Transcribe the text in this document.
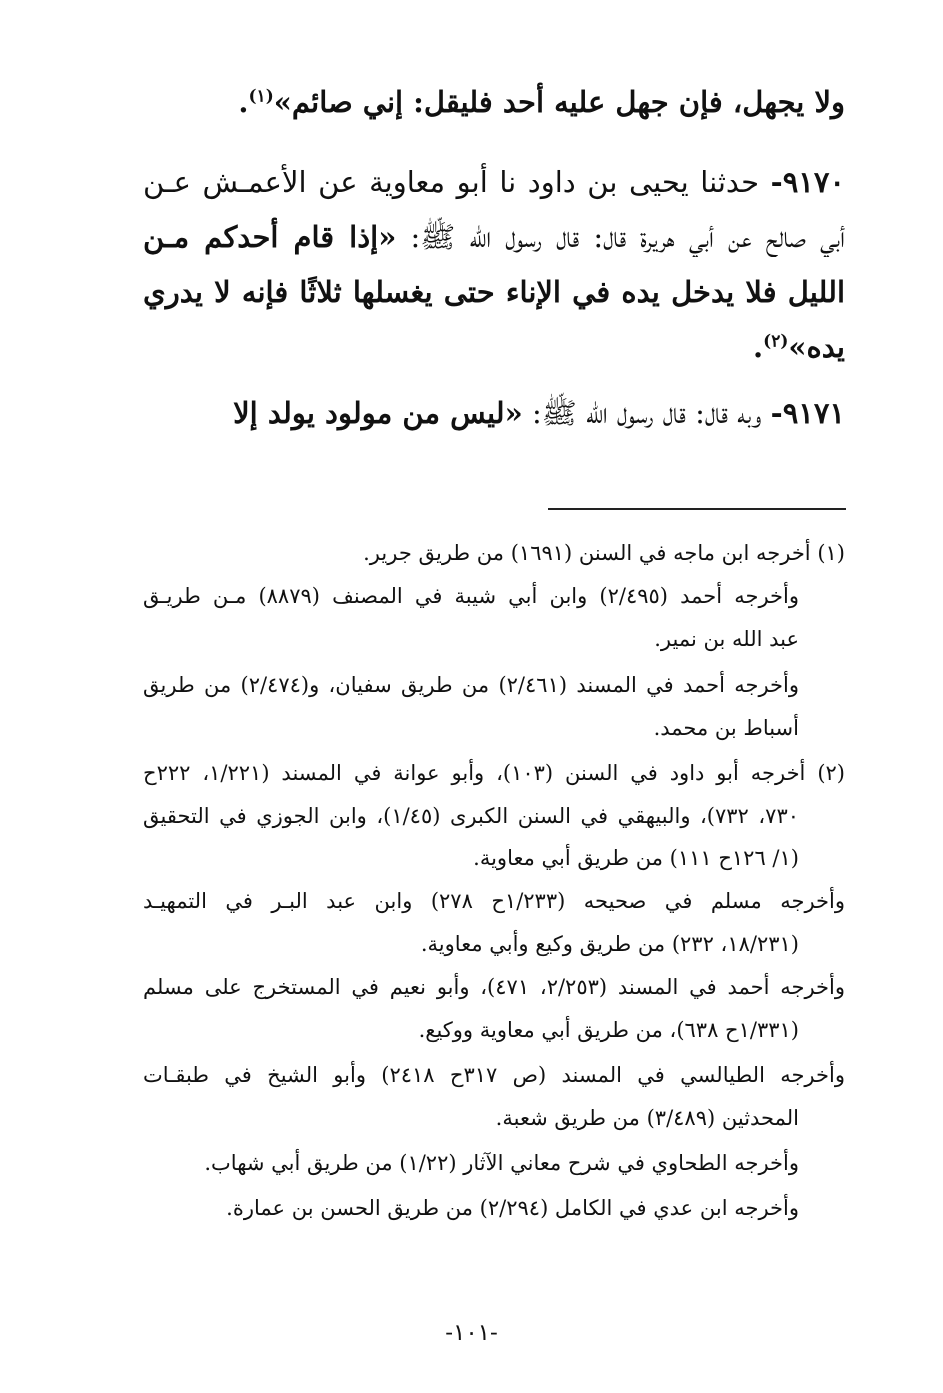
ولا يجهل، فإن جهل عليه أحد فليقل: إني صائم»$^{(١)}$.
٩١٧٠- حدثنا يحيى بن داود نا أبو معاوية عن الأعمـش عـن
أبي صالح عن أبي هريرة قال: قال رسول الله ﷺ: «إذا قام أحدكم مـن
الليل فلا يدخل يده في الإناء حتى يغسلها ثلاثًا فإنه لا يدري
يده»$^{(٢)}$.
٩١٧١- وبه قال: قال رسول الله ﷺ: «ليس من مولود يولد إلا
(١) أخرجه ابن ماجه في السنن (١٦٩١) من طريق جرير.
وأخرجه أحمد (٢/٤٩٥) وابن أبي شيبة في المصنف (٨٨٧٩) مـن طريـق
عبد الله بن نمير.
وأخرجه أحمد في المسند (٢/٤٦١) من طريق سفيان، و(٢/٤٧٤) من طريق
أسباط بن محمد.
(٢) أخرجه أبو داود في السنن (١٠٣)، وأبو عوانة في المسند (١/٢٢١، ٢٢٢ح
٧٣٠، ٧٣٢)، والبيهقي في السنن الكبرى (١/٤٥)، وابن الجوزي في التحقيق
(١/ ١٢٦ح ١١١) من طريق أبي معاوية.
وأخرجه مسلم في صحيحه (١/٢٣٣ح ٢٧٨) وابن عبد البـر في التمهيـد
(١٨/٢٣١، ٢٣٢) من طريق وكيع وأبي معاوية.
وأخرجه أحمد في المسند (٢/٢٥٣، ٤٧١)، وأبو نعيم في المستخرج على مسلم
(١/٣٣١ح ٦٣٨)، من طريق أبي معاوية ووكيع.
وأخرجه الطيالسي في المسند (ص ٣١٧ح ٢٤١٨) وأبو الشيخ في طبقـات
المحدثين (٣/٤٨٩) من طريق شعبة.
وأخرجه الطحاوي في شرح معاني الآثار (١/٢٢) من طريق أبي شهاب.
وأخرجه ابن عدي في الكامل (٢/٢٩٤) من طريق الحسن بن عمارة.
-١٠١-
